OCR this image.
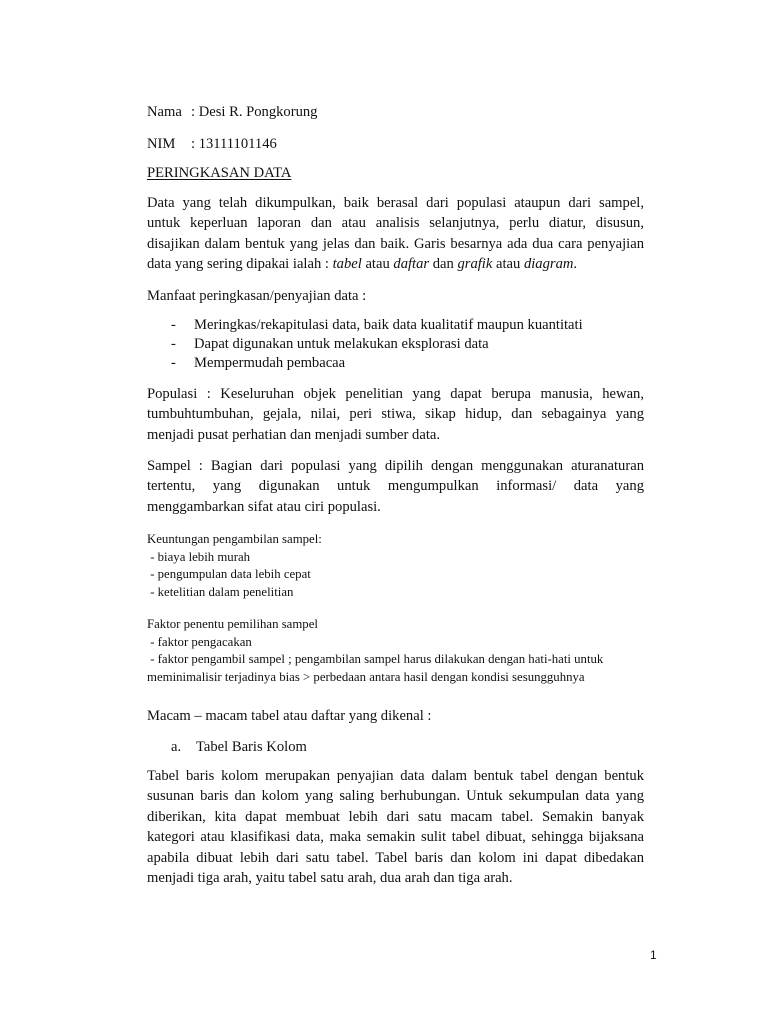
Nama : Desi R. Pongkorung
NIM : 13111101146
PERINGKASAN DATA

Data yang telah dikumpulkan, baik berasal dari populasi ataupun dari sampel,

untuk keperluan laporan dan atau analisis selanjutnya, perlu diatur, disusun,

disajikan dalam bentuk yang jelas dan baik. Garis besarnya ada dua cara penyajian

data yang sering dipakai ialah : tabel atau daftar dan grafik atau diagram.

Manfaat peringkasan/penyajian data :
- Meringkas/rekapitulasi data, baik data kualitatif maupun kuantitati
- Dapat digunakan untuk melakukan eksplorasi data
- Mempermudah pembacaa

Populasi : Keseluruhan objek penelitian yang dapat berupa manusia, hewan,

tumbuhtumbuhan, gejala, nilai, peri stiwa, sikap hidup, dan sebagainya yang

menjadi pusat perhatian dan menjadi sumber data.

Sampel : Bagian dari populasi yang dipilih dengan menggunakan aturanaturan

tertentu, yang digunakan untuk mengumpulkan informasi/ data yang

menggambarkan sifat atau ciri populasi.

Keuntungan pengambilan sampel:

- biaya lebih murah

- pengumpulan data lebih cepat

- ketelitian dalam penelitian

Faktor penentu pemilihan sampel

- faktor pengacakan

- faktor pengambil sampel ; pengambilan sampel harus dilakukan dengan hati-hati untuk

meminimalisir terjadinya bias > perbedaan antara hasil dengan kondisi sesungguhnya

Macam – macam tabel atau daftar yang dikenal :
a. Tabel Baris Kolom

Tabel baris kolom merupakan penyajian data dalam bentuk tabel dengan bentuk

susunan baris dan kolom yang saling berhubungan. Untuk sekumpulan data yang

diberikan, kita dapat membuat lebih dari satu macam tabel. Semakin banyak

kategori atau klasifikasi data, maka semakin sulit tabel dibuat, sehingga bijaksana

apabila dibuat lebih dari satu tabel. Tabel baris dan kolom ini dapat dibedakan

menjadi tiga arah, yaitu tabel satu arah, dua arah dan tiga arah.

1
